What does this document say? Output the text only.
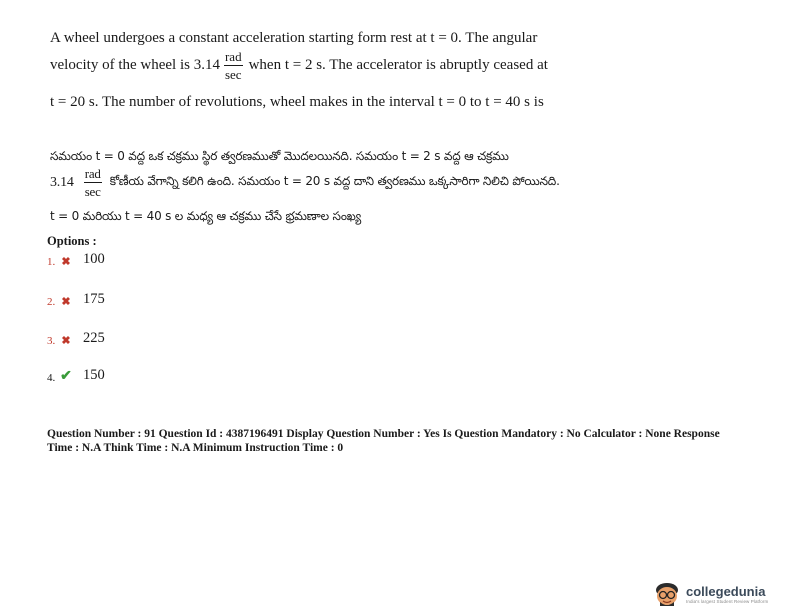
A wheel undergoes a constant acceleration starting form rest at t = 0. The angular
velocity of the wheel is $3.14 \frac{\text{rad}}{\sec}$ when t = 2 s. The accelerator is abruptly ceased at
t = 20 s. The number of revolutions, wheel makes in the interval t = 0 to t = 40 s is
సమయం t = 0 వద్ద ఒక చక్రము స్థిర త్వరణముతో మొదలయినది. సమయం t = 2 s వద్ద ఆ చక్రము
$3.14 \frac{\text{rad}}{\sec}$ కోణీయ వేగాన్ని కలిగి ఉంది. సమయం t = 20 s వద్ద దాని త్వరణము ఒక్కసారిగా నిలిచి పోయినది.
t = 0 మరియు t = 40 s ల మధ్య ఆ చక్రము చేసే భ్రమణాల సంఖ్య
Options :
1. ✖ 100
2. ✖ 175
3. ✖ 225
4. ✔ 150
Question Number : 91 Question Id : 4387196491 Display Question Number : Yes Is Question Mandatory : No Calculator : None Response
Time : N.A Think Time : N.A Minimum Instruction Time : 0
collegedunia
India's largest Student Review Platform
